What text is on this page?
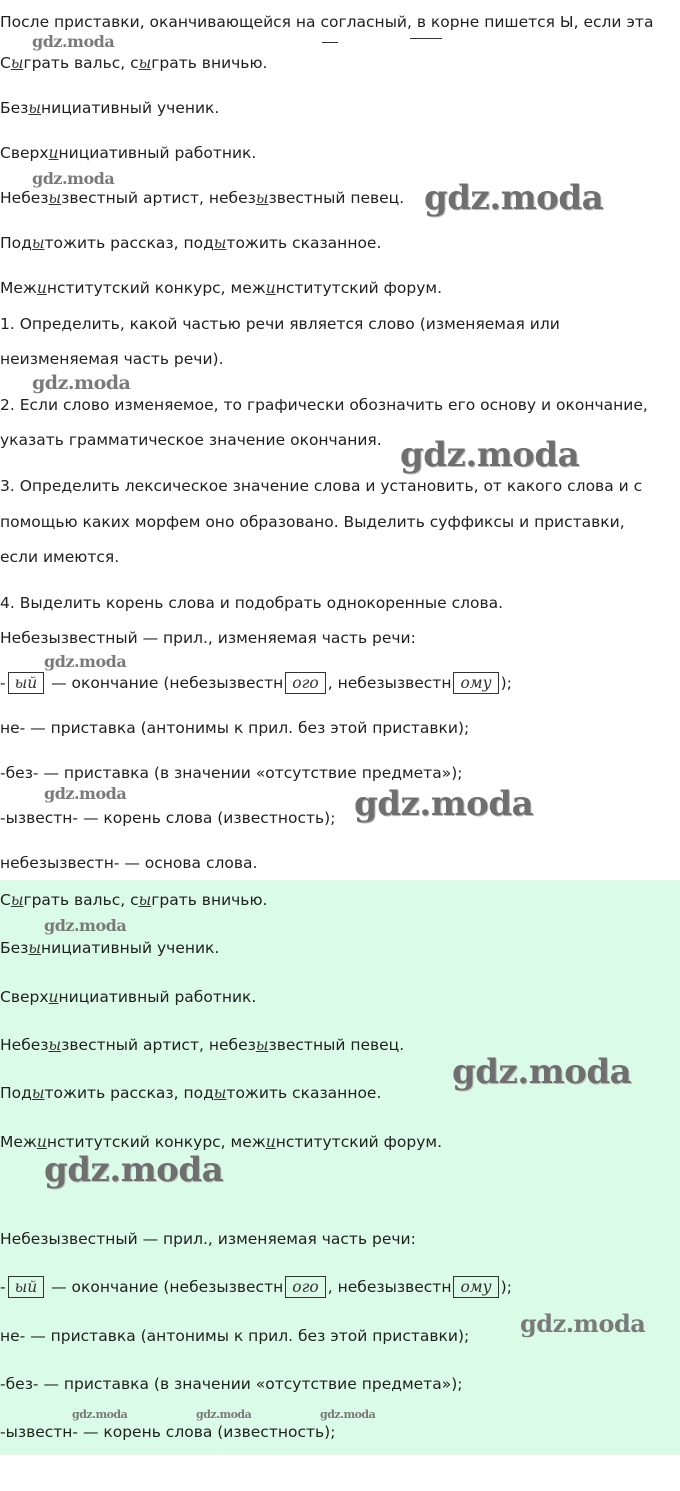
После приставки, оканчивающейся на согласный, в корне пишется Ы, если эта
Сыграть вальс, сыграть вничью.
Безынициативный ученик.
Сверхинициативный работник.
Небезызвестный артист, небезызвестный певец.
Подытожить рассказ, подытожить сказанное.
Межинститутский конкурс, межинститутский форум.
1. Определить, какой частью речи является слово (изменяемая или
неизменяемая часть речи).
2. Если слово изменяемое, то графически обозначить его основу и окончание,
указать грамматическое значение окончания.
3. Определить лексическое значение слова и установить, от какого слова и с
помощью каких морфем оно образовано. Выделить суффиксы и приставки,
если имеются.
4. Выделить корень слова и подобрать однокоренные слова.
Небезызвестный — прил., изменяемая часть речи:
- ый — окончание (небезызвестн ого , небезызвестн ому );
не- — приставка (антонимы к прил. без этой приставки);
-без- — приставка (в значении «отсутствие предмета»);
-ызвестн- — корень слова (известность);
небезызвестн- — основа слова.
Сыграть вальс, сыграть вничью.
Безынициативный ученик.
Сверхинициативный работник.
Небезызвестный артист, небезызвестный певец.
Подытожить рассказ, подытожить сказанное.
Межинститутский конкурс, межинститутский форум.
Небезызвестный — прил., изменяемая часть речи:
- ый — окончание (небезызвестн ого , небезызвестн ому );
не- — приставка (антонимы к прил. без этой приставки);
-без- — приставка (в значении «отсутствие предмета»);
-ызвестн- — корень слова (известность);
gdz.moda
gdz.moda	gdz.moda
gdz.moda
gdz.moda
gdz.moda
gdz.moda	gdz.moda
gdz.moda
gdz.moda
gdz.moda
gdz.moda
gdz.moda	gdz.moda	gdz.moda
